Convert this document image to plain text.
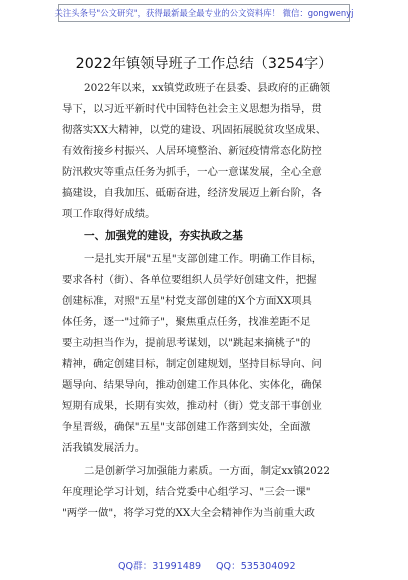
关注头条号"公文研究"，获得最新最全最专业的公文资料库！ 微信：gongwenyj
2022年镇领导班子工作总结（3254字）
2022年以来，xx镇党政班子在县委、县政府的正确领
导下，以习近平新时代中国特色社会主义思想为指导，贯
彻落实XX大精神，以党的建设、巩固拓展脱贫攻坚成果、
有效衔接乡村振兴、人居环境整治、新冠疫情常态化防控
防汛救灾等重点任务为抓手，一心一意谋发展，全心全意
搞建设，自我加压、砥砺奋进，经济发展迈上新台阶，各
项工作取得好成绩。
一、加强党的建设，夯实执政之基
一是扎实开展"五星"支部创建工作。明确工作目标，
要求各村（街）、各单位要组织人员学好创建文件，把握
创建标准，对照"五星"村党支部创建的X个方面XX项具
体任务，逐一"过筛子"，聚焦重点任务，找准差距不足
要主动担当作为，提前思考谋划，以"跳起来摘桃子"的
精神，确定创建目标，制定创建规划，坚持目标导向、问
题导向、结果导向，推动创建工作具体化、实体化，确保
短期有成果，长期有实效，推动村（街）党支部干事创业
争星晋级，确保"五星"支部创建工作落到实处，全面激
活我镇发展活力。
二是创新学习加强能力素质。一方面，制定xx镇2022
年度理论学习计划，结合党委中心组学习、"三会一课"
"两学一做"，将学习党的XX大全会精神作为当前重大政
QQ群：31991489 QQ：535304092
